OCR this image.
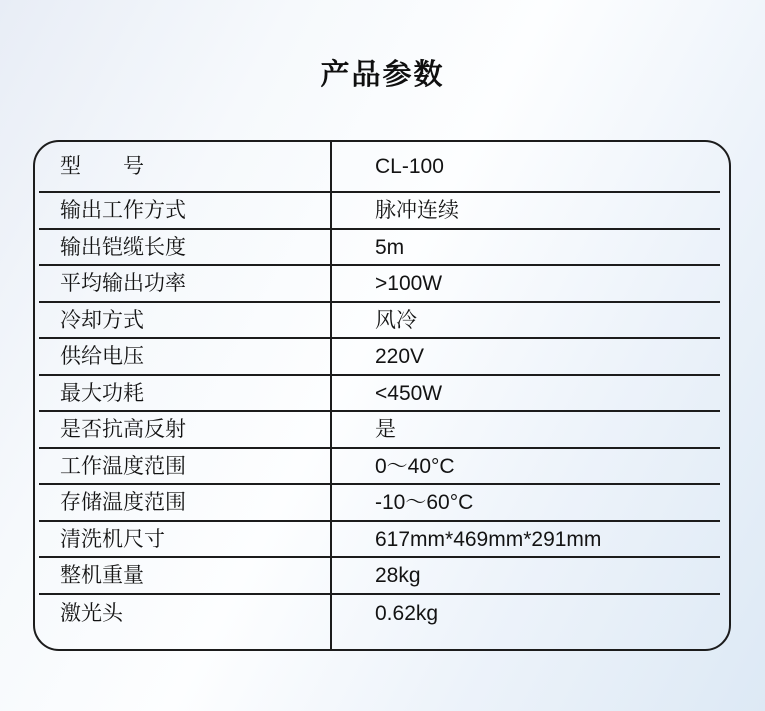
产品参数
型　　号	CL-100
输出工作方式	脉冲连续
输出铠缆长度	5m
平均输出功率	>100W
冷却方式	风冷
供给电压	220V
最大功耗	<450W
是否抗高反射	是
工作温度范围	0～40°C
存储温度范围	-10～60°C
清洗机尺寸	617mm*469mm*291mm
整机重量	28kg
激光头	0.62kg
